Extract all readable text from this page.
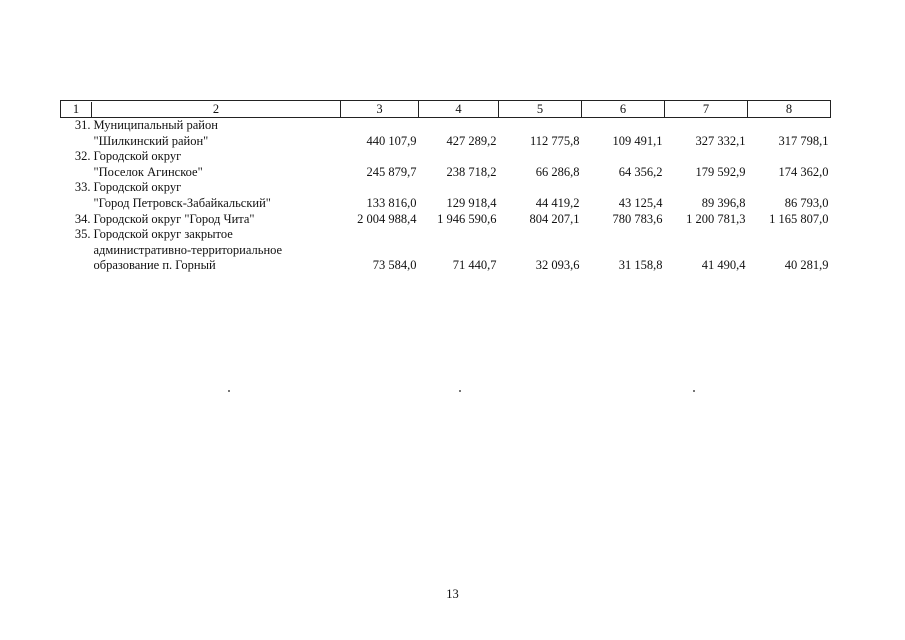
1 2	3	4	5	6	7	8

31. Муниципальный район
"Шилкинский район"	440 107,9	427 289,2	112 775,8	109 491,1	327 332,1	317 798,1

32. Городской округ
"Поселок Агинское"	245 879,7	238 718,2	66 286,8	64 356,2	179 592,9	174 362,0

33. Городской округ
"Город Петровск-Забайкальский"	133 816,0	129 918,4	44 419,2	43 125,4	89 396,8	86 793,0

34. Городской округ "Город Чита"	2 004 988,4	1 946 590,6	804 207,1	780 783,6	1 200 781,3	1 165 807,0

35. Городской округ закрытое
административно-территориальное
образование п. Горный	73 584,0	71 440,7	32 093,6	31 158,8	41 490,4	40 281,9
13
